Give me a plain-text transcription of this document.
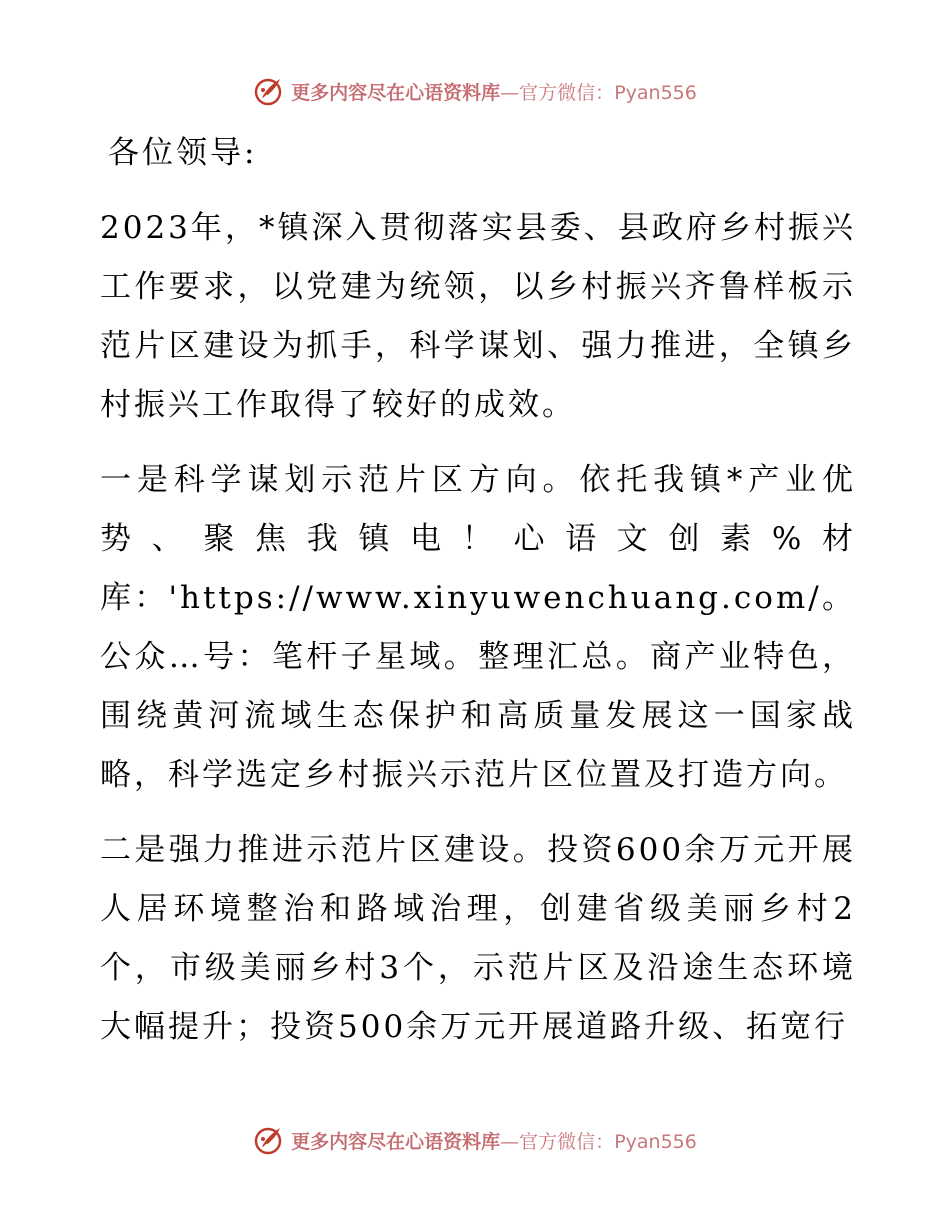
更多内容尽在心语资料库—官方微信：Pyan556

各位领导:

2023年，*镇深入贯彻落实县委、县政府乡村振兴工作要求，以党建为统领，以乡村振兴齐鲁样板示范片区建设为抓手，科学谋划、强力推进，全镇乡村振兴工作取得了较好的成效。

一是科学谋划示范片区方向。依托我镇*产业优势、聚焦我镇电！心语文创素%材库：'https://www.xinyuwenchuang.com/。公众…号：笔杆子星域。整理汇总。商产业特色，围绕黄河流域生态保护和高质量发展这一国家战略，科学选定乡村振兴示范片区位置及打造方向。

二是强力推进示范片区建设。投资600余万元开展人居环境整治和路域治理，创建省级美丽乡村2个，市级美丽乡村3个，示范片区及沿途生态环境大幅提升；投资500余万元开展道路升级、拓宽行

更多内容尽在心语资料库—官方微信：Pyan556
